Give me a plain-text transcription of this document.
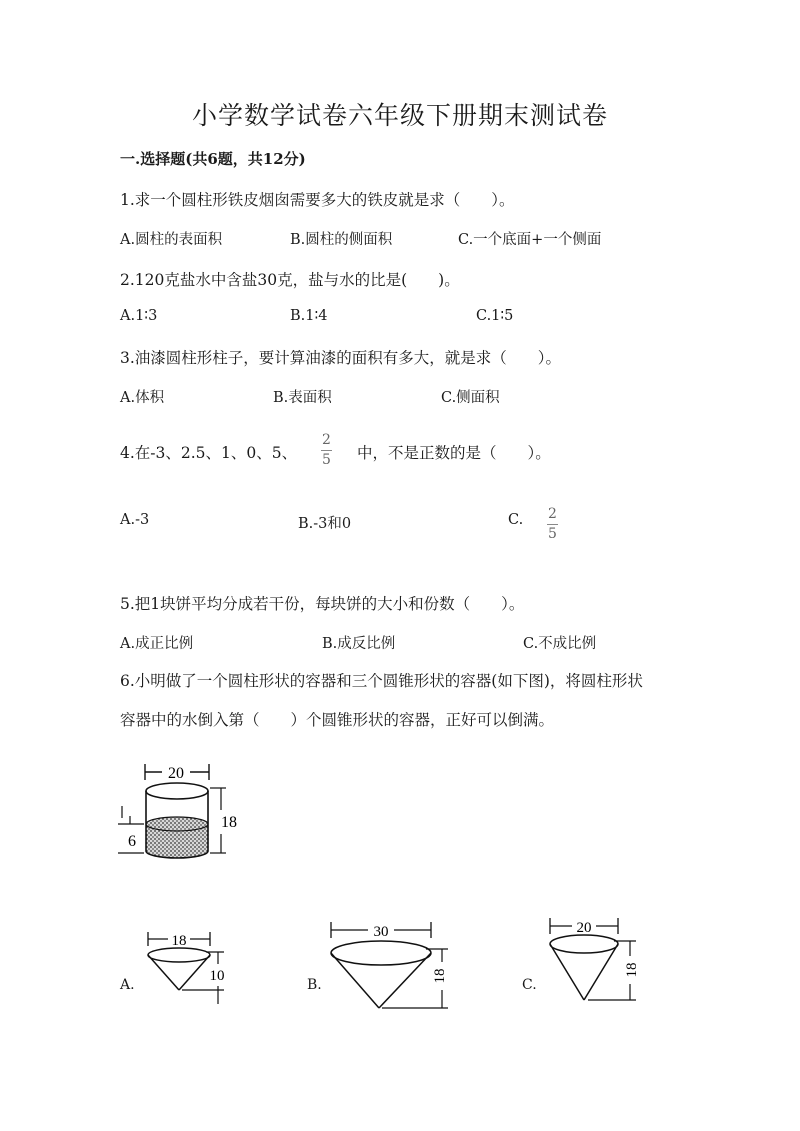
小学数学试卷六年级下册期末测试卷
一.选择题(共6题，共12分)
1.求一个圆柱形铁皮烟囱需要多大的铁皮就是求（　　）。
A.圆柱的表面积	B.圆柱的侧面积	C.一个底面+一个侧面
2.120克盐水中含盐30克，盐与水的比是(　　)。
A.1∶3	B.1∶4	C.1∶5
3.油漆圆柱形柱子，要计算油漆的面积有多大，就是求（　　）。
A.体积	B.表面积	C.侧面积
4.在-3、2.5、1、0、5、
2
5 中，不是正数的是（　　）。
A.-3	B.-3和0	C. 2
5
5.把1块饼平均分成若干份，每块饼的大小和份数（　　）。
A.成正比例	B.成反比例	C.不成比例
6.小明做了一个圆柱形状的容器和三个圆锥形状的容器(如下图)，将圆柱形状
容器中的水倒入第（　　）个圆锥形状的容器，正好可以倒满。
20
18
6
A.
18
10
B.
30
18
C.
20
18
